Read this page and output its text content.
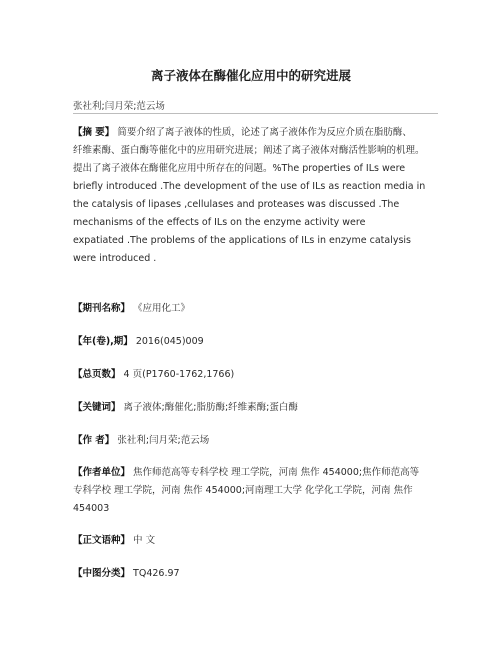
离子液体在酶催化应用中的研究进展
张社利;闫月荣;范云场
【摘 要】 简要介绍了离子液体的性质，论述了离子液体作为反应介质在脂肪酶、
纤维素酶、蛋白酶等催化中的应用研究进展；阐述了离子液体对酶活性影响的机理。
提出了离子液体在酶催化应用中所存在的问题。%The properties of ILs were
briefly introduced .The development of the use of ILs as reaction media in
the catalysis of lipases ,cellulases and proteases was discussed .The
mechanisms of the effects of ILs on the enzyme activity were
expatiated .The problems of the applications of ILs in enzyme catalysis
were introduced .
【期刊名称】 《应用化工》
【年(卷),期】 2016(045)009
【总页数】 4 页(P1760-1762,1766)
【关键词】 离子液体;酶催化;脂肪酶;纤维素酶;蛋白酶
【作 者】 张社利;闫月荣;范云场
【作者单位】 焦作师范高等专科学校 理工学院，河南 焦作 454000;焦作师范高等
专科学校 理工学院，河南 焦作 454000;河南理工大学 化学化工学院，河南 焦作
454003
【正文语种】 中 文
【中图分类】 TQ426.97
